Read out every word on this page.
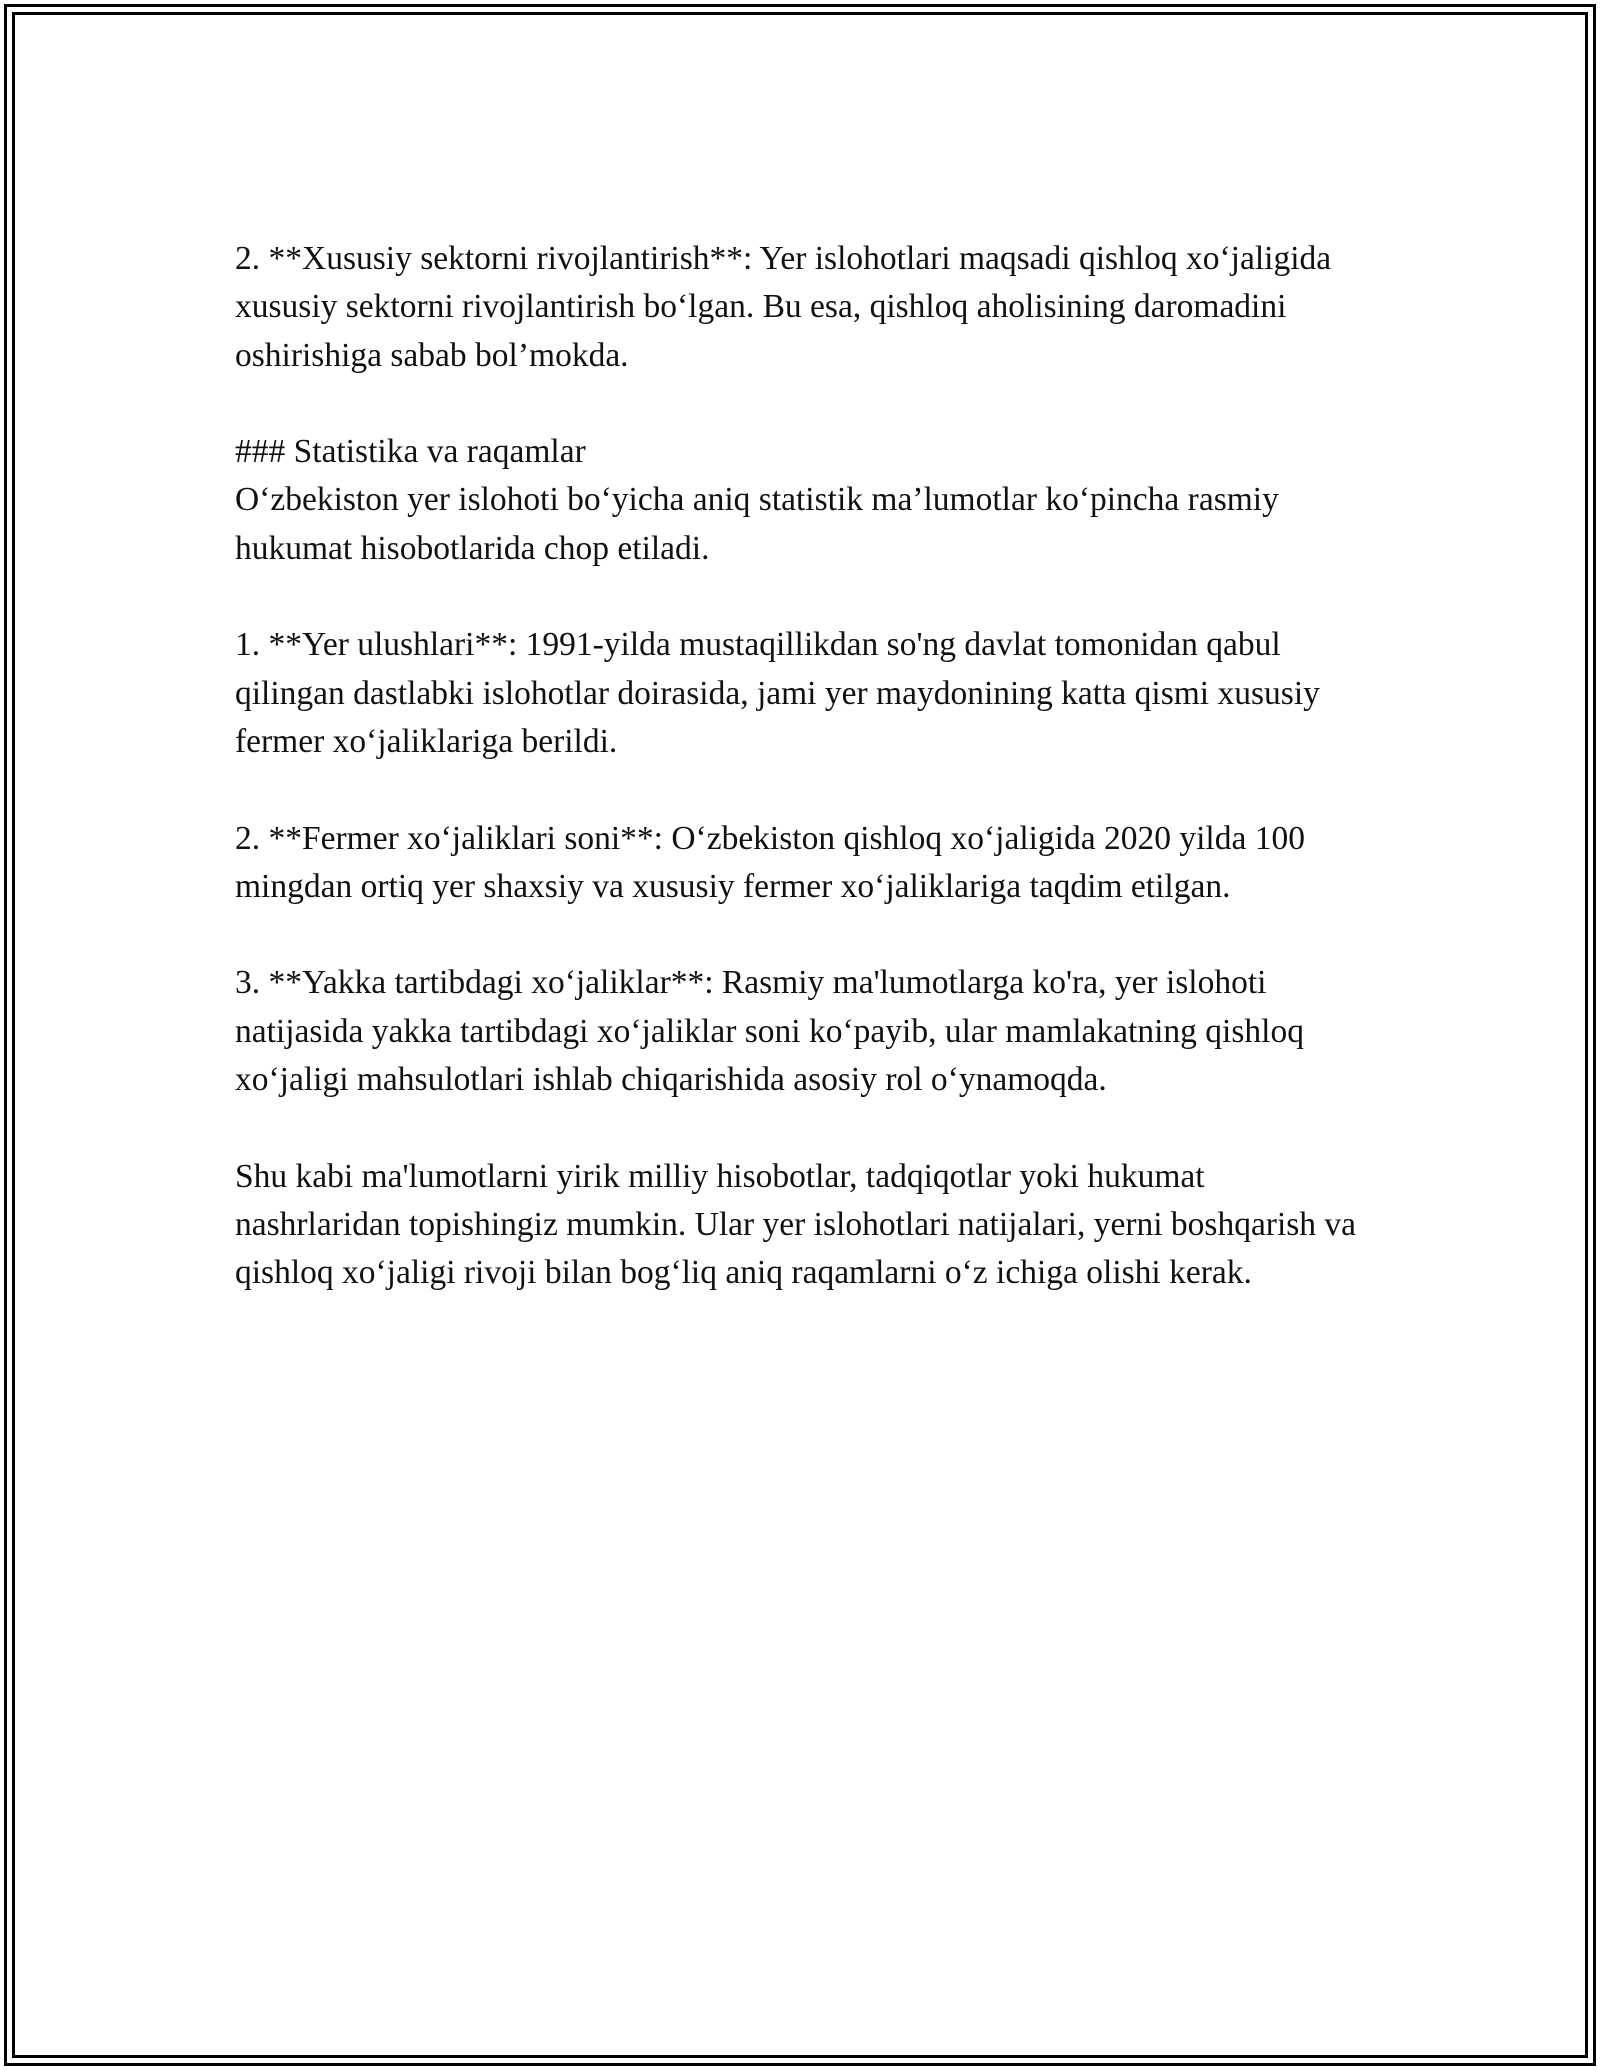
2. **Xususiy sektorni rivojlantirish**: Yer islohotlari maqsadi qishloq xo‘jaligida xususiy sektorni rivojlantirish bo‘lgan. Bu esa, qishloq aholisining daromadini oshirishiga sabab bol’mokda.

### Statistika va raqamlar

O‘zbekiston yer islohoti bo‘yicha aniq statistik ma’lumotlar ko‘pincha rasmiy hukumat hisobotlarida chop etiladi.

1. **Yer ulushlari**: 1991-yilda mustaqillikdan so'ng davlat tomonidan qabul qilingan dastlabki islohotlar doirasida, jami yer maydonining katta qismi xususiy fermer xo‘jaliklariga berildi.

2. **Fermer xo‘jaliklari soni**: O‘zbekiston qishloq xo‘jaligida 2020 yilda 100 mingdan ortiq yer shaxsiy va xususiy fermer xo‘jaliklariga taqdim etilgan.

3. **Yakka tartibdagi xo‘jaliklar**: Rasmiy ma'lumotlarga ko'ra, yer islohoti natijasida yakka tartibdagi xo‘jaliklar soni ko‘payib, ular mamlakatning qishloq xo‘jaligi mahsulotlari ishlab chiqarishida asosiy rol o‘ynamoqda.

Shu kabi ma'lumotlarni yirik milliy hisobotlar, tadqiqotlar yoki hukumat nashrlaridan topishingiz mumkin. Ular yer islohotlari natijalari, yerni boshqarish va qishloq xo‘jaligi rivoji bilan bog‘liq aniq raqamlarni o‘z ichiga olishi kerak.
